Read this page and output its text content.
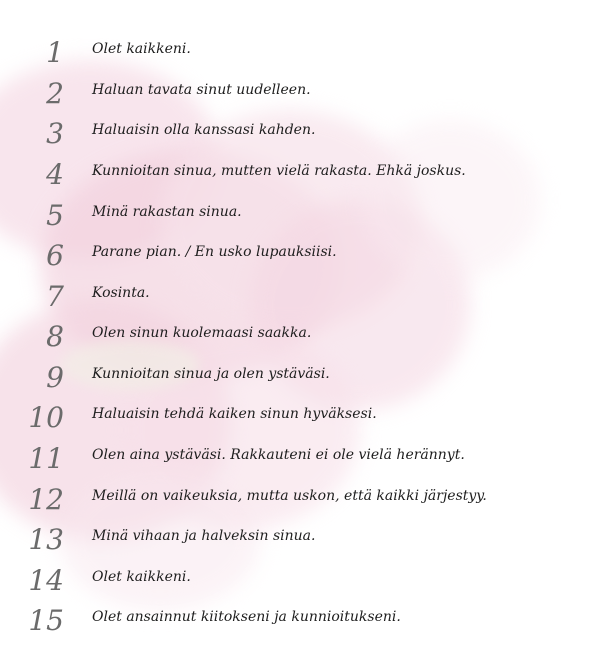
1 Olet kaikkeni.
2 Haluan tavata sinut uudelleen.
3 Haluaisin olla kanssasi kahden.
4 Kunnioitan sinua, mutten vielä rakasta. Ehkä joskus.
5 Minä rakastan sinua.
6 Parane pian. / En usko lupauksiisi.
7 Kosinta.
8 Olen sinun kuolemaasi saakka.
9 Kunnioitan sinua ja olen ystäväsi.
10 Haluaisin tehdä kaiken sinun hyväksesi.
11 Olen aina ystäväsi. Rakkauteni ei ole vielä herännyt.
12 Meillä on vaikeuksia, mutta uskon, että kaikki järjestyy.
13 Minä vihaan ja halveksin sinua.
14 Olet kaikkeni.
15 Olet ansainnut kiitokseni ja kunnioitukseni.
